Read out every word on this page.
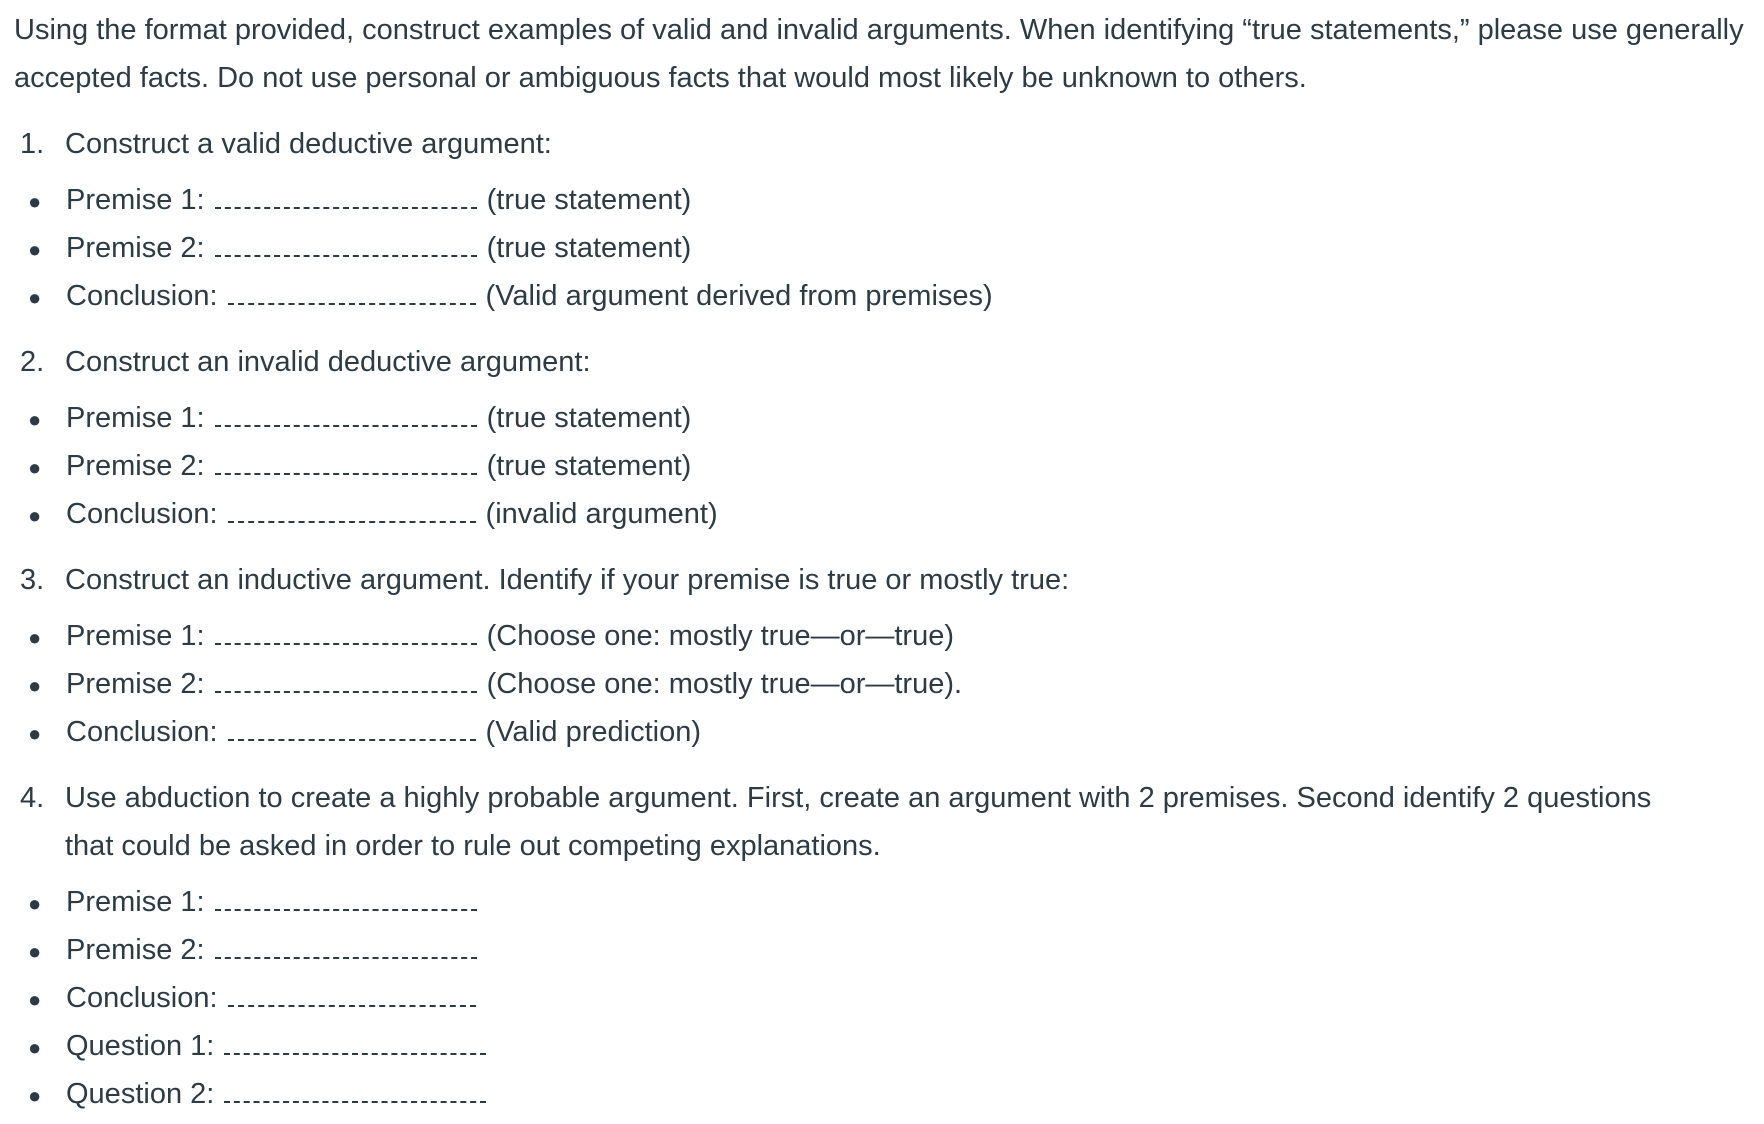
Using the format provided, construct examples of valid and invalid arguments. When identifying “true statements,” please use generally accepted facts. Do not use personal or ambiguous facts that would most likely be unknown to others.

1. Construct a valid deductive argument:
● Premise 1:	(true statement)
● Premise 2:	(true statement)
● Conclusion:	(Valid argument derived from premises)
2. Construct an invalid deductive argument:
● Premise 1:	(true statement)
● Premise 2:	(true statement)
● Conclusion:	(invalid argument)
3. Construct an inductive argument. Identify if your premise is true or mostly true:
● Premise 1:	(Choose one: mostly true—or—true)
● Premise 2:	(Choose one: mostly true—or—true).
● Conclusion:	(Valid prediction)
4. Use abduction to create a highly probable argument. First, create an argument with 2 premises. Second identify 2 questions that could be asked in order to rule out competing explanations.
● Premise 1:
● Premise 2:
● Conclusion:
● Question 1:
● Question 2:
